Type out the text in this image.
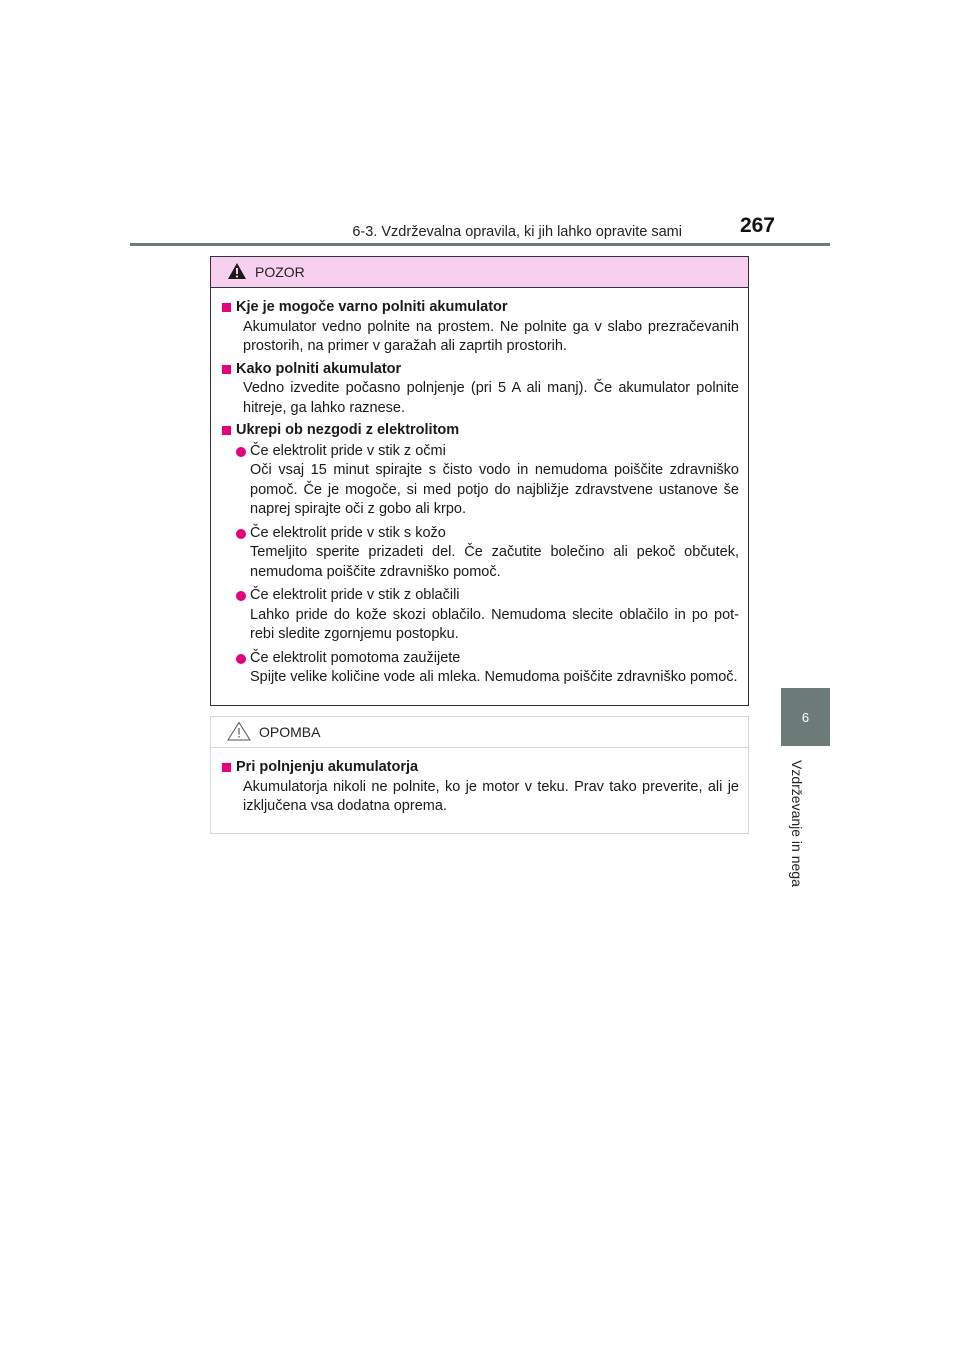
6-3. Vzdrževalna opravila, ki jih lahko opravite sami	267
6
Vzdrževanje in nega
POZOR
Kje je mogoče varno polniti akumulator
Akumulator vedno polnite na prostem. Ne polnite ga v slabo prezračevanih prostorih, na primer v garažah ali zaprtih prostorih.
Kako polniti akumulator
Vedno izvedite počasno polnjenje (pri 5 A ali manj). Če akumulator polnite hitreje, ga lahko raznese.
Ukrepi ob nezgodi z elektrolitom
Če elektrolit pride v stik z očmi
Oči vsaj 15 minut spirajte s čisto vodo in nemudoma poiščite zdravniško pomoč. Če je mogoče, si med potjo do najbližje zdravstvene ustanove še naprej spirajte oči z gobo ali krpo.
Če elektrolit pride v stik s kožo
Temeljito sperite prizadeti del. Če začutite bolečino ali pekoč občutek, nemudoma poiščite zdravniško pomoč.
Če elektrolit pride v stik z oblačili
Lahko pride do kože skozi oblačilo. Nemudoma slecite oblačilo in po pot-rebi sledite zgornjemu postopku.
Če elektrolit pomotoma zaužijete
Spijte velike količine vode ali mleka. Nemudoma poiščite zdravniško pomoč.
OPOMBA
Pri polnjenju akumulatorja
Akumulatorja nikoli ne polnite, ko je motor v teku. Prav tako preverite, ali je izključena vsa dodatna oprema.
